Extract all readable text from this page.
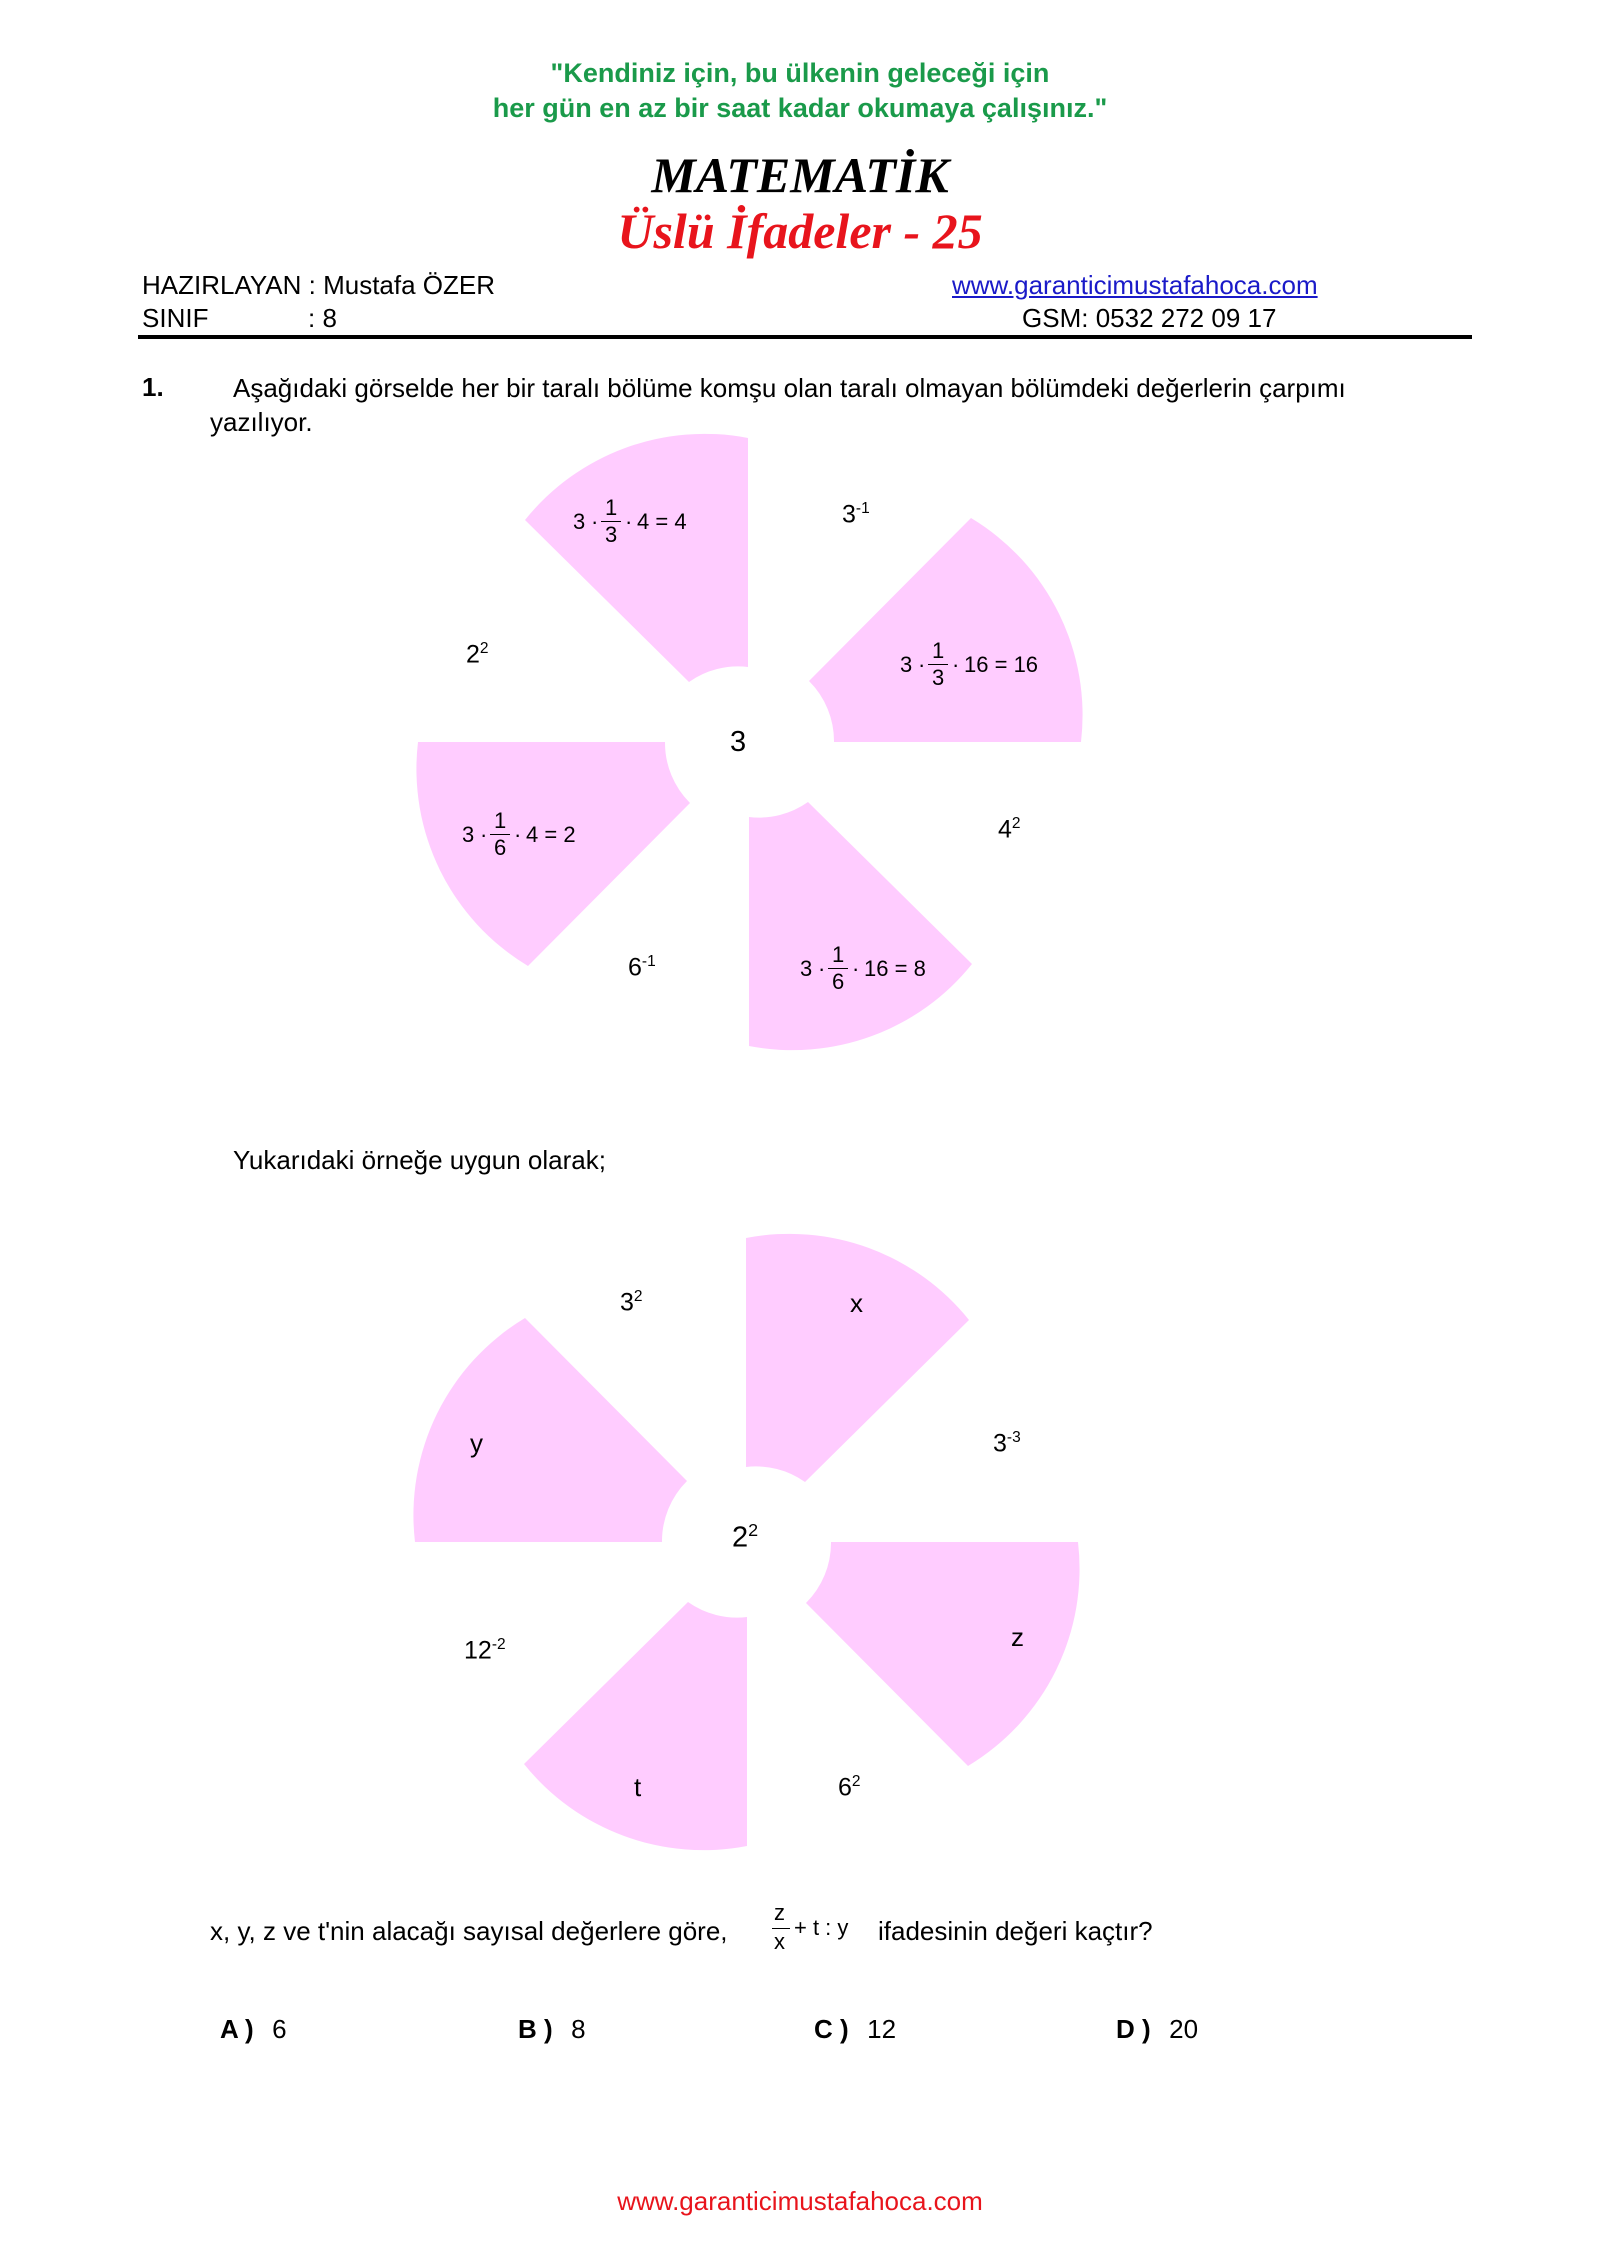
"Kendiniz için, bu ülkenin geleceği için
her gün en az bir saat kadar okumaya çalışınız."
MATEMATİK
Üslü İfadeler - 25
HAZIRLAYAN : Mustafa ÖZER
SINIF	: 8
www.garanticimustafahoca.com
GSM: 0532 272 09 17
1.	Aşağıdaki görselde her bir taralı bölüme komşu olan taralı olmayan bölümdeki değerlerin çarpımı
yazılıyor.
3
$3^{-1}$
$2^2$
$4^2$
$6^{-1}$
3 ·
1
3
· 4 = 4
3 ·
1
3
· 16 = 16
3 ·
1
6
· 4 = 2
3 ·
1
6
· 16 = 8
Yukarıdaki örneğe uygun olarak;
$2^2$
$3^2$
$3^{-3}$
$12^{-2}$
$6^2$
x
y
z
t
x, y, z ve t'nin alacağı sayısal değerlere göre,
z
x
+ t : y ifadesinin değeri kaçtır?
A ) 6	B ) 8	C ) 12	D ) 20
www.garanticimustafahoca.com
